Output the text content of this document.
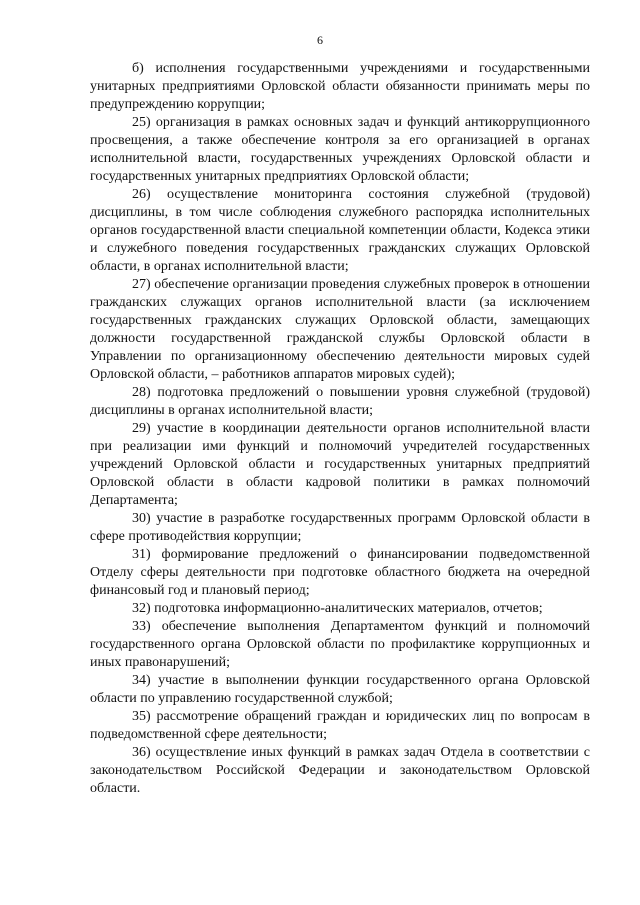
6

б) исполнения государственными учреждениями и государственными унитарных предприятиями Орловской области обязанности принимать меры по предупреждению коррупции;

25) организация в рамках основных задач и функций антикоррупционного просвещения, а также обеспечение контроля за его организацией в органах исполнительной власти, государственных учреждениях Орловской области и государственных унитарных предприятиях Орловской области;

26) осуществление мониторинга состояния служебной (трудовой) дисциплины, в том числе соблюдения служебного распорядка исполнительных органов государственной власти специальной компетенции области, Кодекса этики и служебного поведения государственных гражданских служащих Орловской области, в органах исполнительной власти;

27) обеспечение организации проведения служебных проверок в отношении гражданских служащих органов исполнительной власти (за исключением государственных гражданских служащих Орловской области, замещающих должности государственной гражданской службы Орловской области в Управлении по организационному обеспечению деятельности мировых судей Орловской области, – работников аппаратов мировых судей);

28) подготовка предложений о повышении уровня служебной (трудовой) дисциплины в органах исполнительной власти;

29) участие в координации деятельности органов исполнительной власти при реализации ими функций и полномочий учредителей государственных учреждений Орловской области и государственных унитарных предприятий Орловской области в области кадровой политики в рамках полномочий Департамента;

30) участие в разработке государственных программ Орловской области в сфере противодействия коррупции;

31) формирование предложений о финансировании подведомственной Отделу сферы деятельности при подготовке областного бюджета на очередной финансовый год и плановый период;

32) подготовка информационно-аналитических материалов, отчетов;

33) обеспечение выполнения Департаментом функций и полномочий государственного органа Орловской области по профилактике коррупционных и иных правонарушений;

34) участие в выполнении функции государственного органа Орловской области по управлению государственной службой;

35) рассмотрение обращений граждан и юридических лиц по вопросам в подведомственной сфере деятельности;

36) осуществление иных функций в рамках задач Отдела в соответствии с законодательством Российской Федерации и законодательством Орловской области.
